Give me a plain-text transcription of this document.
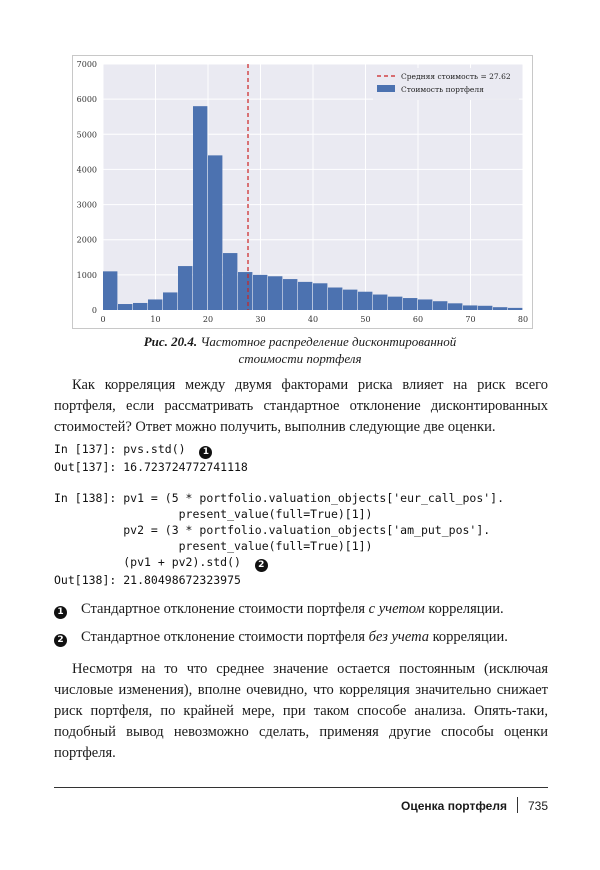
0
1000
2000
3000
4000
5000
6000
7000
0	10	20	30	40	50	60	70	80
Средняя стоимость = 27.62
Стоимость портфеля
Рис. 20.4. Частотное распределение дисконтированной
стоимости портфеля
Как корреляция между двумя факторами риска влияет на риск всего портфеля, если рассматривать стандартное отклонение дисконтированных стоимостей? Ответ можно получить, выполнив следующие две оценки.
In [137]: pvs.std() 1
Out[137]: 16.723724772741118
In [138]: pv1 = (5 * portfolio.valuation_objects['eur_call_pos'].
present_value(full=True)[1])
pv2 = (3 * portfolio.valuation_objects['am_put_pos'].
present_value(full=True)[1])
(pv1 + pv2).std() 2
Out[138]: 21.80498672323975
1 Стандартное отклонение стоимости портфеля с учетом корреляции.
2 Стандартное отклонение стоимости портфеля без учета корреляции.
Несмотря на то что среднее значение остается постоянным (исключая числовые изменения), вполне очевидно, что корреляция значительно снижает риск портфеля, по крайней мере, при таком способе анализа. Опять-таки, подобный вывод невозможно сделать, применяя другие способы оценки портфеля.
Оценка портфеля 735
